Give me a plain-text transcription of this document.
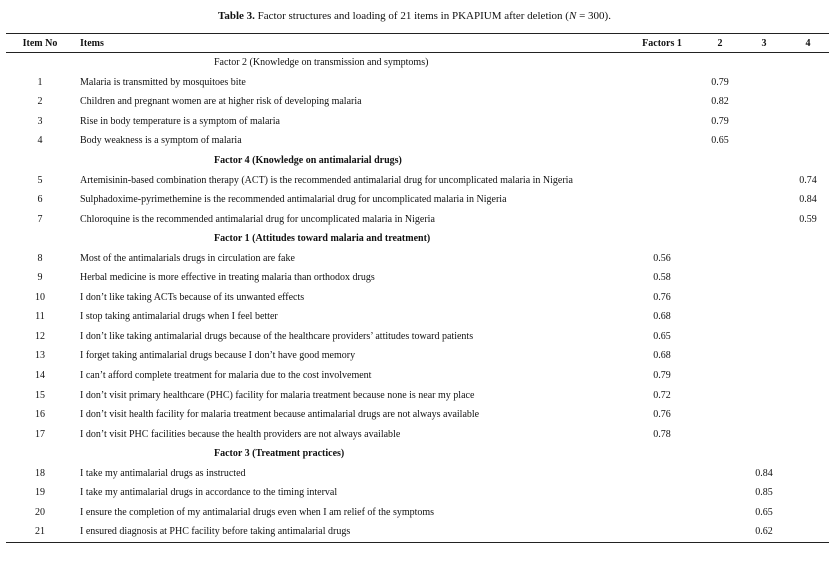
Table 3. Factor structures and loading of 21 items in PKAPIUM after deletion (N = 300).
Item No	Items	Factors 1	2	3	4
Factor 2 (Knowledge on transmission and symptoms)					
1	Malaria is transmitted by mosquitoes bite		0.79		
2	Children and pregnant women are at higher risk of developing malaria		0.82		
3	Rise in body temperature is a symptom of malaria		0.79		
4	Body weakness is a symptom of malaria		0.65		
Factor 4 (Knowledge on antimalarial drugs)					
5	Artemisinin-based combination therapy (ACT) is the recommended antimalarial drug for uncomplicated malaria in Nigeria				0.74
6	Sulphadoxime-pyrimethemine is the recommended antimalarial drug for uncomplicated malaria in Nigeria				0.84
7	Chloroquine is the recommended antimalarial drug for uncomplicated malaria in Nigeria				0.59
Factor 1 (Attitudes toward malaria and treatment)					
8	Most of the antimalarials drugs in circulation are fake	0.56			
9	Herbal medicine is more effective in treating malaria than orthodox drugs	0.58			
10	I don’t like taking ACTs because of its unwanted effects	0.76			
11	I stop taking antimalarial drugs when I feel better	0.68			
12	I don’t like taking antimalarial drugs because of the healthcare providers’ attitudes toward patients	0.65			
13	I forget taking antimalarial drugs because I don’t have good memory	0.68			
14	I can’t afford complete treatment for malaria due to the cost involvement	0.79			
15	I don’t visit primary healthcare (PHC) facility for malaria treatment because none is near my place	0.72			
16	I don’t visit health facility for malaria treatment because antimalarial drugs are not always available	0.76			
17	I don’t visit PHC facilities because the health providers are not always available	0.78			
Factor 3 (Treatment practices)					
18	I take my antimalarial drugs as instructed			0.84	
19	I take my antimalarial drugs in accordance to the timing interval			0.85	
20	I ensure the completion of my antimalarial drugs even when I am relief of the symptoms			0.65	
21	I ensured diagnosis at PHC facility before taking antimalarial drugs			0.62	
